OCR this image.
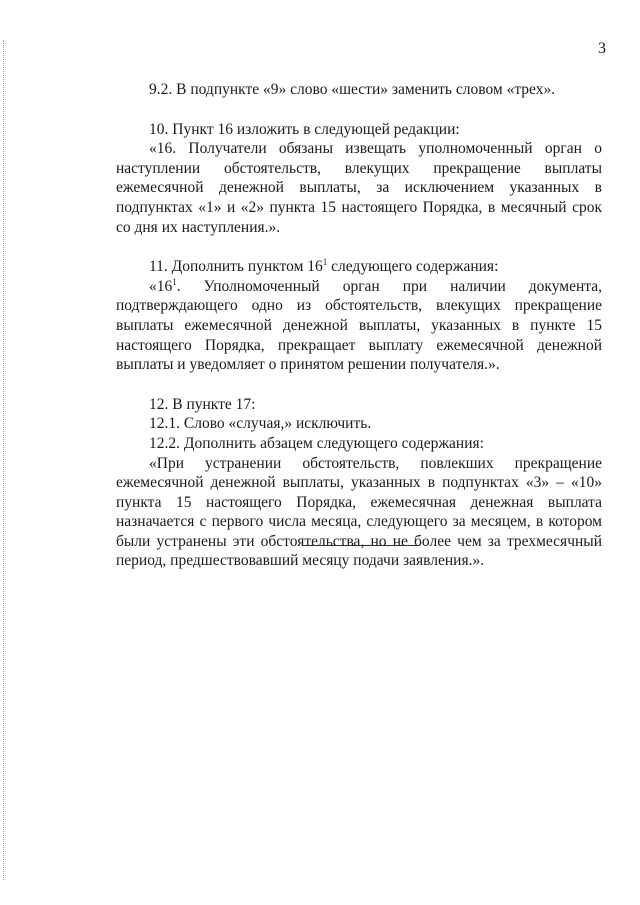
3

9.2. В подпункте «9» слово «шести» заменить словом «трех».

10. Пункт 16 изложить в следующей редакции:

«16. Получатели обязаны извещать уполномоченный орган о наступлении обстоятельств, влекущих прекращение выплаты ежемесячной денежной выплаты, за исключением указанных в подпунктах «1» и «2» пункта 15 настоящего Порядка, в месячный срок со дня их наступления.».

11. Дополнить пунктом $16^1$ следующего содержания:

«$16^1$. Уполномоченный орган при наличии документа, подтверждающего одно из обстоятельств, влекущих прекращение выплаты ежемесячной денежной выплаты, указанных в пункте 15 настоящего Порядка, прекращает выплату ежемесячной денежной выплаты и уведомляет о принятом решении получателя.».

12. В пункте 17:

12.1. Слово «случая,» исключить.

12.2. Дополнить абзацем следующего содержания:

«При устранении обстоятельств, повлекших прекращение ежемесячной денежной выплаты, указанных в подпунктах «3» – «10» пункта 15 настоящего Порядка, ежемесячная денежная выплата назначается с первого числа месяца, следующего за месяцем, в котором были устранены эти обстоятельства, но не более чем за трехмесячный период, предшествовавший месяцу подачи заявления.».
